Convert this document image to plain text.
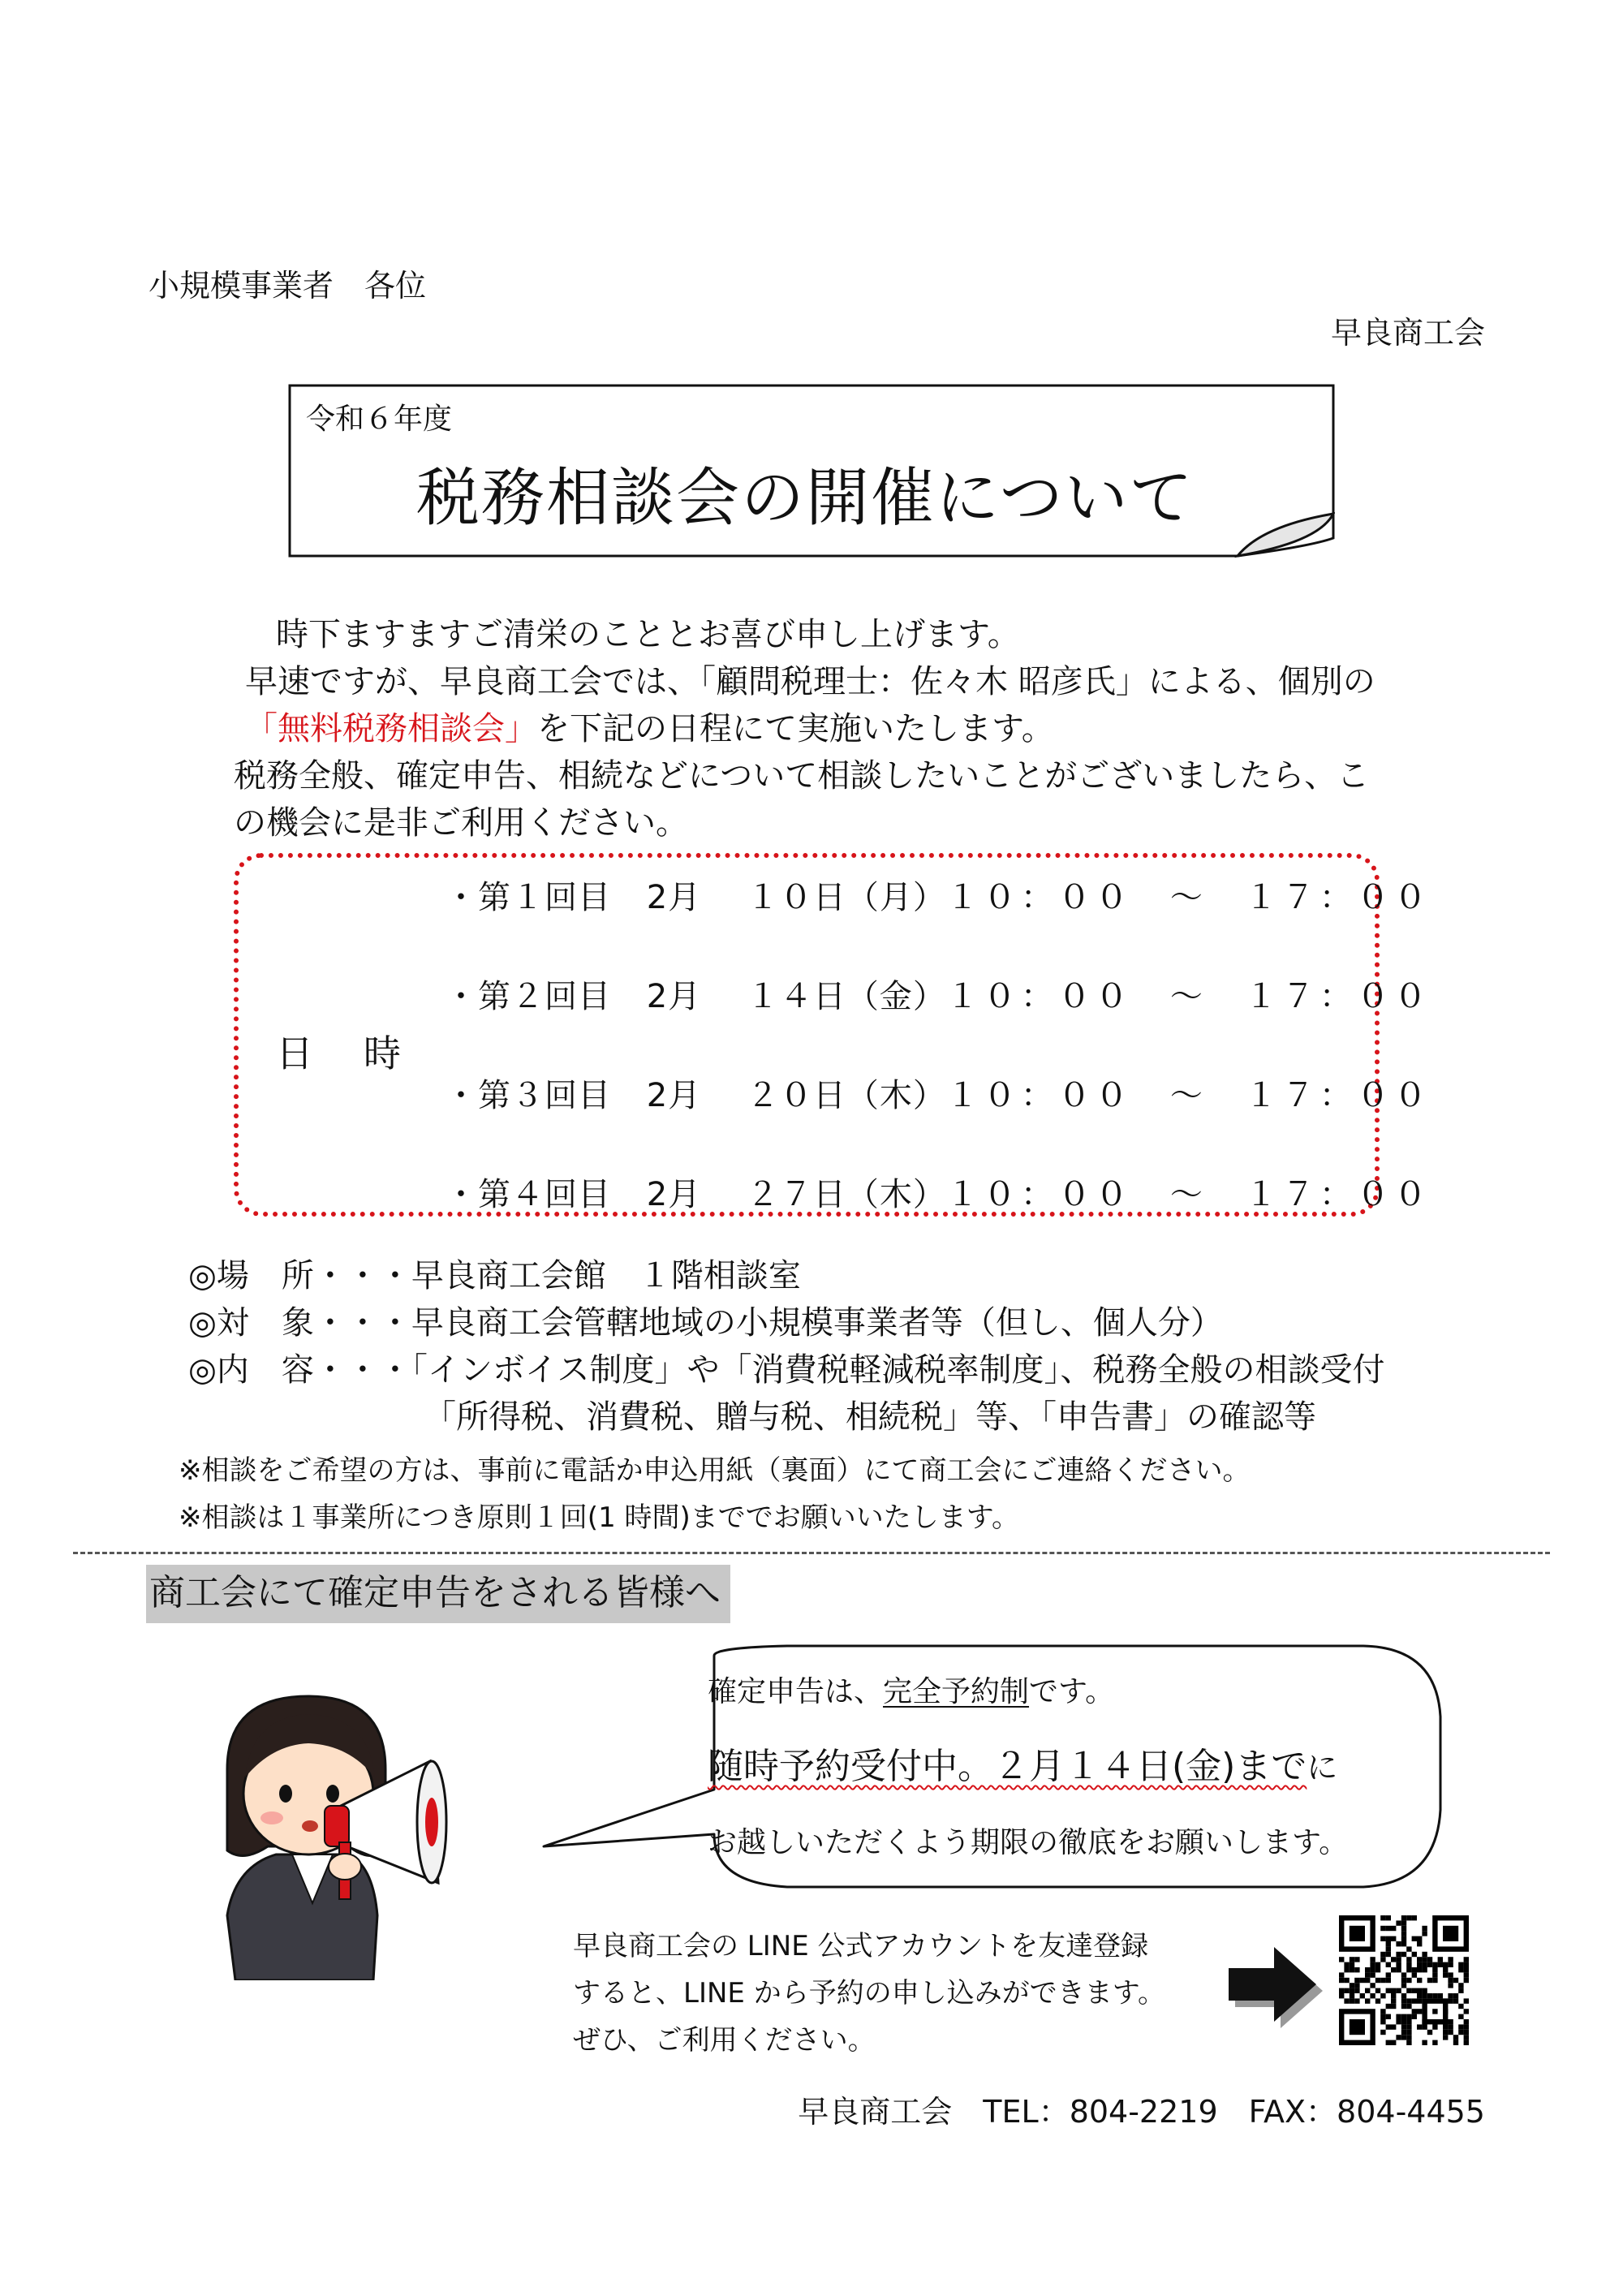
小規模事業者　各位
早良商工会
令和６年度
税務相談会の開催について
時下ますますご清栄のこととお喜び申し上げます。
早速ですが、早良商工会では、「顧問税理士：佐々木 昭彦氏」による、個別の
「無料税務相談会」を下記の日程にて実施いたします。
税務全般、確定申告、相続などについて相談したいことがございましたら、こ
の機会に是非ご利用ください。
日　時
・第１回目 2月 １０日（月）１０：００　～　１７：００
・第２回目 2月 １４日（金）１０：００　～　１７：００
・第３回目 2月 ２０日（木）１０：００　～　１７：００
・第４回目 2月 ２７日（木）１０：００　～　１７：００
◎場　所・・・早良商工会館　１階相談室
◎対　象・・・早良商工会管轄地域の小規模事業者等（但し、個人分）
◎内　容・・・「インボイス制度」や「消費税軽減税率制度」、税務全般の相談受付
「所得税、消費税、贈与税、相続税」等、「申告書」の確認等
※相談をご希望の方は、事前に電話か申込用紙（裏面）にて商工会にご連絡ください。
※相談は１事業所につき原則１回(1 時間)まででお願いいたします。
商工会にて確定申告をされる皆様へ
確定申告は、完全予約制です。
随時予約受付中。２月１４日(金)までに
お越しいただくよう期限の徹底をお願いします。
早良商工会の LINE 公式アカウントを友達登録
すると、LINE から予約の申し込みができます。
ぜひ、ご利用ください。
早良商工会　TEL：804-2219　FAX：804-4455
